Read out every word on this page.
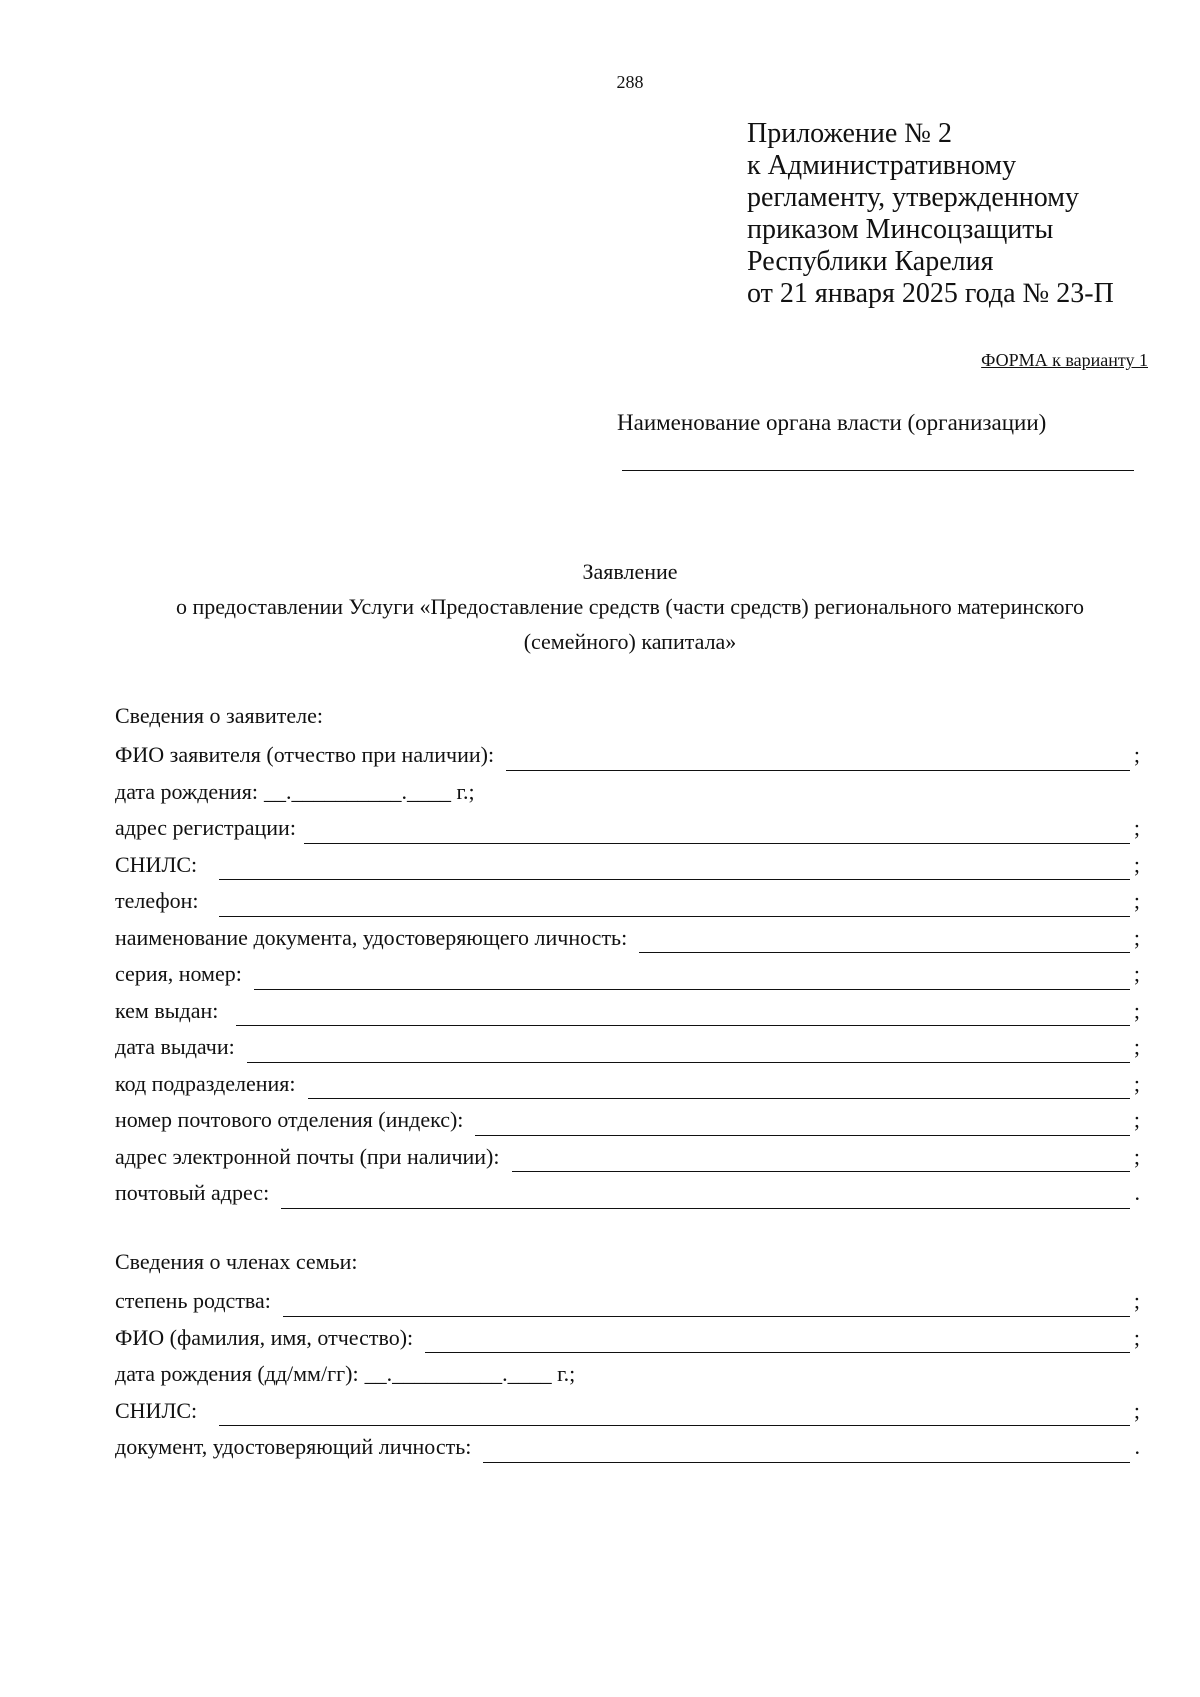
288
Приложение № 2
к Административному
регламенту, утвержденному
приказом Минсоцзащиты
Республики Карелия
от 21 января 2025 года № 23-П
ФОРМА к варианту 1
Наименование органа власти (организации)
Заявление
о предоставлении Услуги «Предоставление средств (части средств) регионального материнского
(семейного) капитала»
Сведения о заявителе:
ФИО заявителя (отчество при наличии):	;
дата рождения: __.__________.____ г.;
адрес регистрации:	;
СНИЛС:	;
телефон:	;
наименование документа, удостоверяющего личность:	;
серия, номер:	;
кем выдан:	;
дата выдачи:	;
код подразделения:	;
номер почтового отделения (индекс):	;
адрес электронной почты (при наличии):	;
почтовый адрес:	.
Сведения о членах семьи:
степень родства:	;
ФИО (фамилия, имя, отчество):	;
дата рождения (дд/мм/гг): __.__________.____ г.;
СНИЛС:	;
документ, удостоверяющий личность:	.
